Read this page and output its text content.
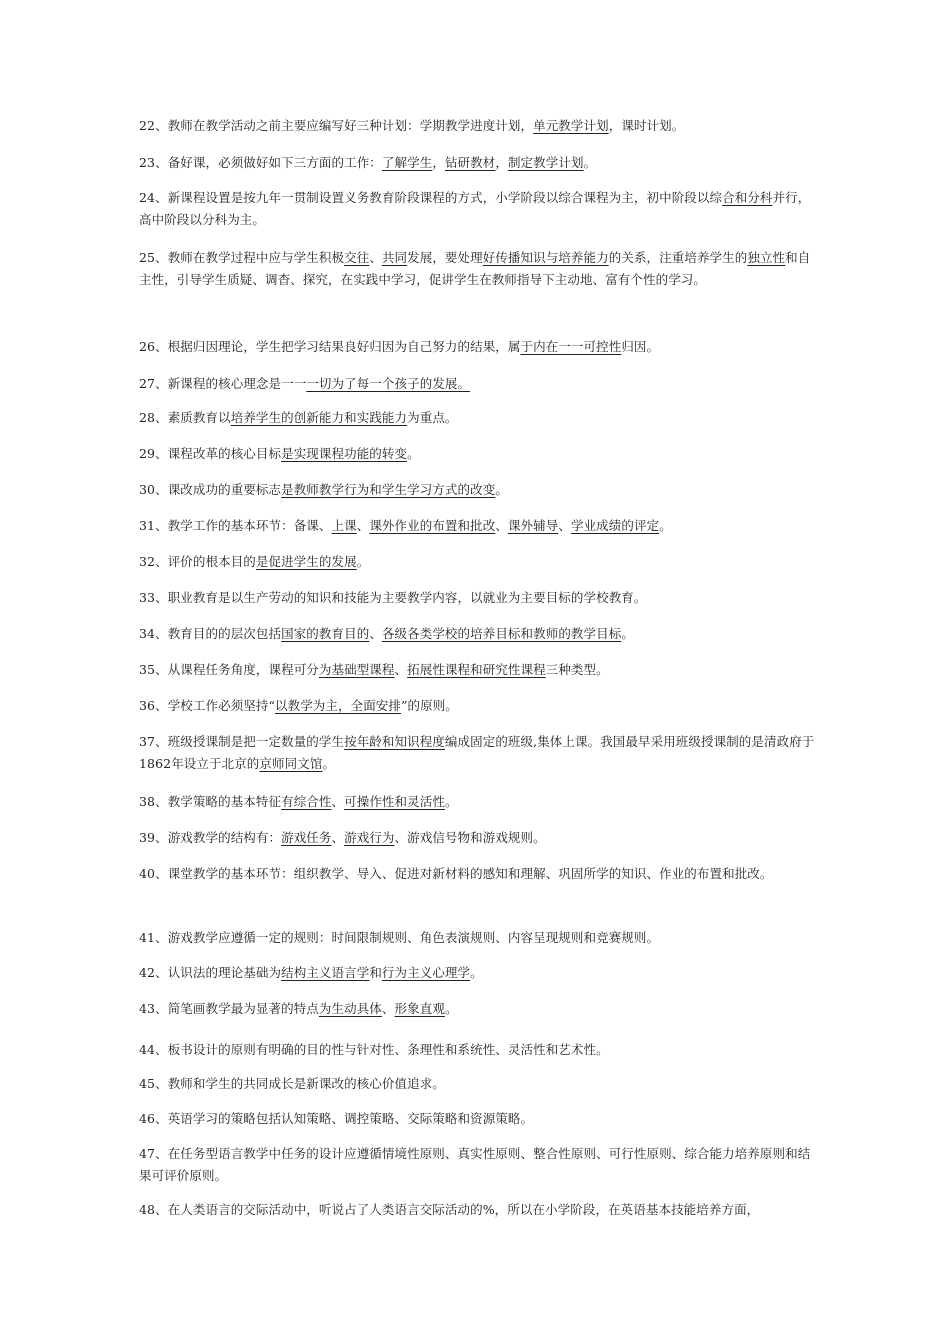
22、教师在教学活动之前主要应编写好三种计划：学期教学进度计划，单元教学计划，课时计划。
23、备好课，必须做好如下三方面的工作：了解学生，钻研教材，制定教学计划。
24、新课程设置是按九年一贯制设置义务教育阶段课程的方式，小学阶段以综合课程为主，初中阶段以综合和分科并行，高中阶段以分科为主。
25、教师在教学过程中应与学生积极交往、共同发展，要处理好传播知识与培养能力的关系，注重培养学生的独立性和自主性，引导学生质疑、调杳、探究，在实践中学习，促讲学生在教师指导下主动地、富有个性的学习。
26、根据归因理论，学生把学习结果良好归因为自己努力的结果，属于内在一一可控性归因。
27、新课程的核心理念是一一一切为了每一个孩子的发展。
28、素质教育以培养学生的创新能力和实践能力为重点。
29、课程改革的核心目标是实现课程功能的转变。
30、课改成功的重要标志是教师教学行为和学生学习方式的改变。
31、教学工作的基本环节：备课、上课、课外作业的布置和批改、课外辅导、学业成绩的评定。
32、评价的根本目的是促进学生的发展。
33、职业教育是以生产劳动的知识和技能为主要教学内容，以就业为主要目标的学校教育。
34、教育目的的层次包括国家的教育目的、各级各类学校的培养目标和教师的教学目标。
35、从课程任务角度，课程可分为基础型课程、拓展性课程和研究性课程三种类型。
36、学校工作必须坚持“以教学为主，全面安排”的原则。
37、班级授课制是把一定数量的学生按年龄和知识程度编成固定的班级,集体上课。我国最早采用班级授课制的是清政府于1862年设立于北京的京师同文馆。
38、教学策略的基本特征有综合性、可操作性和灵活性。
39、游戏教学的结构有：游戏任务、游戏行为、游戏信号物和游戏规则。
40、课堂教学的基本环节：组织教学、导入、促进对新材料的感知和理解、巩固所学的知识、作业的布置和批改。
41、游戏教学应遵循一定的规则：时间限制规则、角色表演规则、内容呈现规则和竞赛规则。
42、认识法的理论基础为结构主义语言学和行为主义心理学。
43、简笔画教学最为显著的特点为生动具体、形象直观。
44、板书设计的原则有明确的目的性与针对性、条理性和系统性、灵活性和艺术性。
45、教师和学生的共同成长是新课改的核心价值追求。
46、英语学习的策略包括认知策略、调控策略、交际策略和资源策略。
47、在任务型语言教学中任务的设计应遵循情境性原则、真实性原则、整合性原则、可行性原则、综合能力培养原则和结果可评价原则。
48、在人类语言的交际活动中，听说占了人类语言交际活动的%，所以在小学阶段，在英语基本技能培养方面，
